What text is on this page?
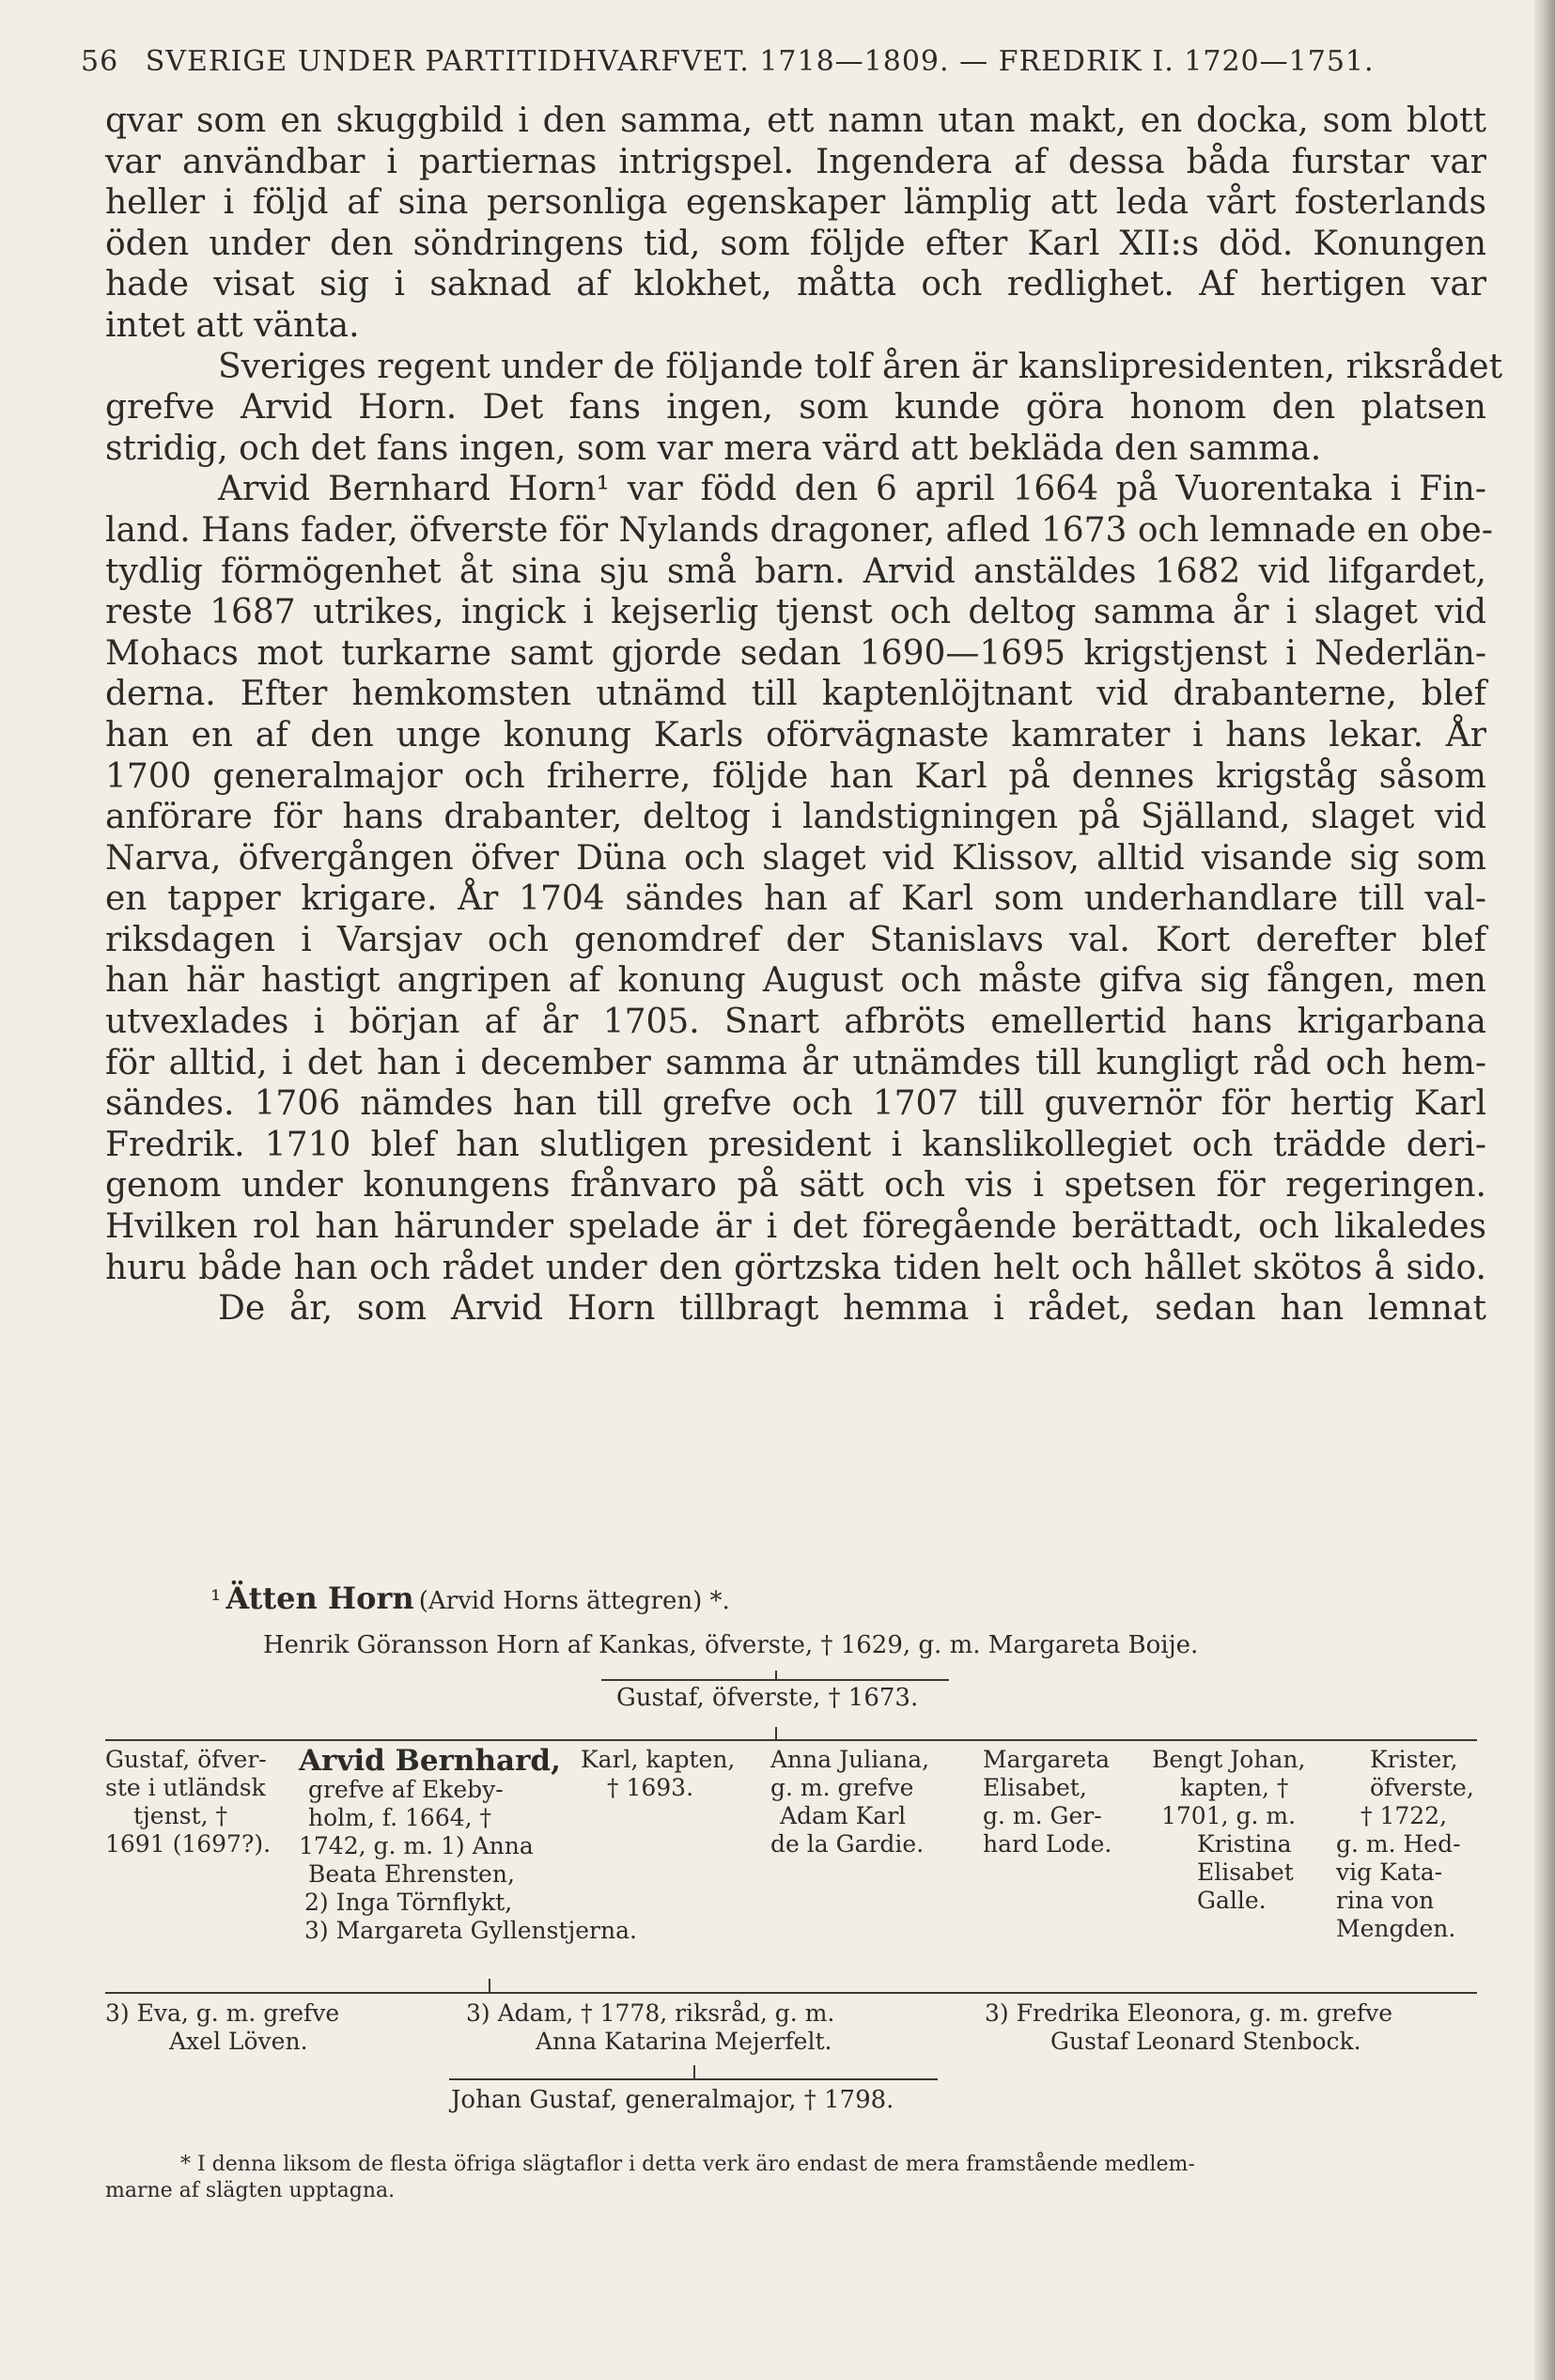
56 SVERIGE UNDER PARTITIDHVARFVET. 1718—1809. — FREDRIK I. 1720—1751.
qvar som en skuggbild i den samma, ett namn utan makt, en docka, som blott
var användbar i partiernas intrigspel. Ingendera af dessa båda furstar var
heller i följd af sina personliga egenskaper lämplig att leda vårt fosterlands
öden under den söndringens tid, som följde efter Karl XII:s död. Konungen
hade visat sig i saknad af klokhet, måtta och redlighet. Af hertigen var
intet att vänta.
Sveriges regent under de följande tolf åren är kanslipresidenten, riksrådet
grefve Arvid Horn. Det fans ingen, som kunde göra honom den platsen
stridig, och det fans ingen, som var mera värd att bekläda den samma.
Arvid Bernhard Horn¹ var född den 6 april 1664 på Vuorentaka i Fin-
land. Hans fader, öfverste för Nylands dragoner, afled 1673 och lemnade en obe-
tydlig förmögenhet åt sina sju små barn. Arvid anstäldes 1682 vid lifgardet,
reste 1687 utrikes, ingick i kejserlig tjenst och deltog samma år i slaget vid
Mohacs mot turkarne samt gjorde sedan 1690—1695 krigstjenst i Nederlän-
derna. Efter hemkomsten utnämd till kaptenlöjtnant vid drabanterne, blef
han en af den unge konung Karls oförvägnaste kamrater i hans lekar. År
1700 generalmajor och friherre, följde han Karl på dennes krigståg såsom
anförare för hans drabanter, deltog i landstigningen på Själland, slaget vid
Narva, öfvergången öfver Düna och slaget vid Klissov, alltid visande sig som
en tapper krigare. År 1704 sändes han af Karl som underhandlare till val-
riksdagen i Varsjav och genomdref der Stanislavs val. Kort derefter blef
han här hastigt angripen af konung August och måste gifva sig fången, men
utvexlades i början af år 1705. Snart afbröts emellertid hans krigarbana
för alltid, i det han i december samma år utnämdes till kungligt råd och hem-
sändes. 1706 nämdes han till grefve och 1707 till guvernör för hertig Karl
Fredrik. 1710 blef han slutligen president i kanslikollegiet och trädde deri-
genom under konungens frånvaro på sätt och vis i spetsen för regeringen.
Hvilken rol han härunder spelade är i det föregående berättadt, och likaledes
huru både han och rådet under den görtzska tiden helt och hållet skötos å sido.
De år, som Arvid Horn tillbragt hemma i rådet, sedan han lemnat
¹ Ätten Horn (Arvid Horns ättegren) *.
Henrik Göransson Horn af Kankas, öfverste, † 1629, g. m. Margareta Boije.
Gustaf, öfverste, † 1673.
Gustaf, öfver-
ste i utländsk
tjenst, †
1691 (1697?).
Arvid Bernhard,
grefve af Ekeby-
holm, f. 1664, †
1742, g. m. 1) Anna
Beata Ehrensten,
2) Inga Törnflykt,
3) Margareta Gyllenstjerna.
Karl, kapten,
† 1693.
Anna Juliana,
g. m. grefve
Adam Karl
de la Gardie.
Margareta
Elisabet,
g. m. Ger-
hard Lode.
Bengt Johan,
kapten, †
1701, g. m.
Kristina
Elisabet
Galle.
Krister,
öfverste,
† 1722,
g. m. Hed-
vig Kata-
rina von
Mengden.
3) Eva, g. m. grefve
Axel Löven.
3) Adam, † 1778, riksråd, g. m.
Anna Katarina Mejerfelt.
3) Fredrika Eleonora, g. m. grefve
Gustaf Leonard Stenbock.
Johan Gustaf, generalmajor, † 1798.
* I denna liksom de flesta öfriga slägtaflor i detta verk äro endast de mera framstående medlem-
marne af slägten upptagna.
